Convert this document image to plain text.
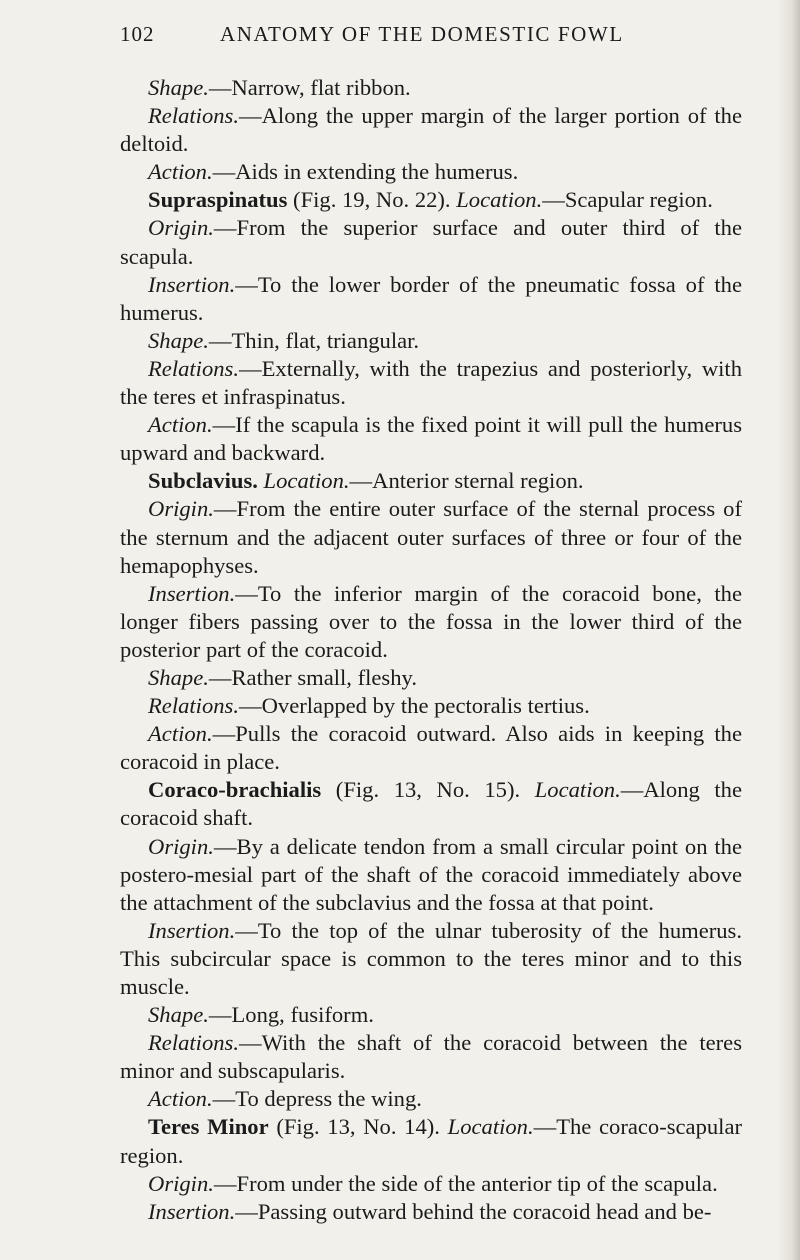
102	ANATOMY OF THE DOMESTIC FOWL

Shape.—Narrow, flat ribbon.

Relations.—Along the upper margin of the larger portion of the deltoid.

Action.—Aids in extending the humerus.

Supraspinatus (Fig. 19, No. 22). Location.—Scapular region.

Origin.—From the superior surface and outer third of the scapula.

Insertion.—To the lower border of the pneumatic fossa of the humerus.

Shape.—Thin, flat, triangular.

Relations.—Externally, with the trapezius and posteriorly, with the teres et infraspinatus.

Action.—If the scapula is the fixed point it will pull the humerus upward and backward.

Subclavius. Location.—Anterior sternal region.

Origin.—From the entire outer surface of the sternal process of the sternum and the adjacent outer surfaces of three or four of the hemapophyses.

Insertion.—To the inferior margin of the coracoid bone, the longer fibers passing over to the fossa in the lower third of the posterior part of the coracoid.

Shape.—Rather small, fleshy.

Relations.—Overlapped by the pectoralis tertius.

Action.—Pulls the coracoid outward. Also aids in keeping the coracoid in place.

Coraco-brachialis (Fig. 13, No. 15). Location.—Along the coracoid shaft.

Origin.—By a delicate tendon from a small circular point on the postero-mesial part of the shaft of the coracoid immediately above the attachment of the subclavius and the fossa at that point.

Insertion.—To the top of the ulnar tuberosity of the humerus. This subcircular space is common to the teres minor and to this muscle.

Shape.—Long, fusiform.

Relations.—With the shaft of the coracoid between the teres minor and subscapularis.

Action.—To depress the wing.

Teres Minor (Fig. 13, No. 14). Location.—The coraco-scapular region.

Origin.—From under the side of the anterior tip of the scapula.

Insertion.—Passing outward behind the coracoid head and be-
